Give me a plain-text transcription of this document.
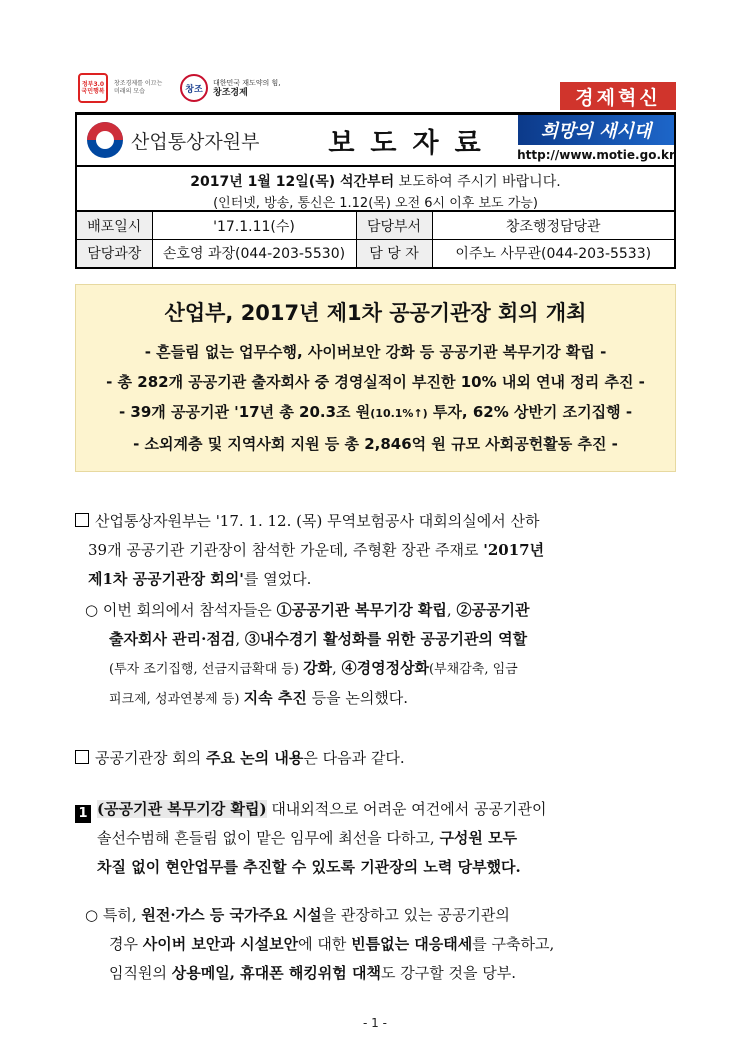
정부3.0 국민행복
창조경제를 이끄는 미래의 모습	창조
대한민국 재도약의 힘,
창조경제	경제혁신
산업통상자원부	보도자료	희망의 새시대
http://www.motie.go.kr
2017년 1월 12일(목) 석간부터 보도하여 주시기 바랍니다.
(인터넷, 방송, 통신은 1.12(목) 오전 6시 이후 보도 가능)
배포일시	'17.1.11(수)	담당부서	창조행정담당관
담당과장	손호영 과장(044-203-5530)	담 당 자	이주노 사무관(044-203-5533)
산업부, 2017년 제1차 공공기관장 회의 개최
- 흔들림 없는 업무수행, 사이버보안 강화 등 공공기관 복무기강 확립 -
- 총 282개 공공기관 출자회사 중 경영실적이 부진한 10% 내외 연내 정리 추진 -
- 39개 공공기관 '17년 총 20.3조 원(10.1%↑) 투자, 62% 상반기 조기집행 -
- 소외계층 및 지역사회 지원 등 총 2,846억 원 규모 사회공헌활동 추진 -
산업통상자원부는 '17. 1. 12. (목) 무역보험공사 대회의실에서 산하
39개 공공기관 기관장이 참석한 가운데, 주형환 장관 주재로 '2017년
제1차 공공기관장 회의'를 열었다.
○ 이번 회의에서 참석자들은 ①공공기관 복무기강 확립, ②공공기관
출자회사 관리·점검, ③내수경기 활성화를 위한 공공기관의 역할
(투자 조기집행, 선금지급확대 등) 강화, ④경영정상화(부채감축, 임금
피크제, 성과연봉제 등) 지속 추진 등을 논의했다.
공공기관장 회의 주요 논의 내용은 다음과 같다.
1 (공공기관 복무기강 확립) 대내외적으로 어려운 여건에서 공공기관이
솔선수범해 흔들림 없이 맡은 임무에 최선을 다하고, 구성원 모두
차질 없이 현안업무를 추진할 수 있도록 기관장의 노력 당부했다.
○ 특히, 원전·가스 등 국가주요 시설을 관장하고 있는 공공기관의
경우 사이버 보안과 시설보안에 대한 빈틈없는 대응태세를 구축하고,
임직원의 상용메일, 휴대폰 해킹위험 대책도 강구할 것을 당부.
- 1 -
